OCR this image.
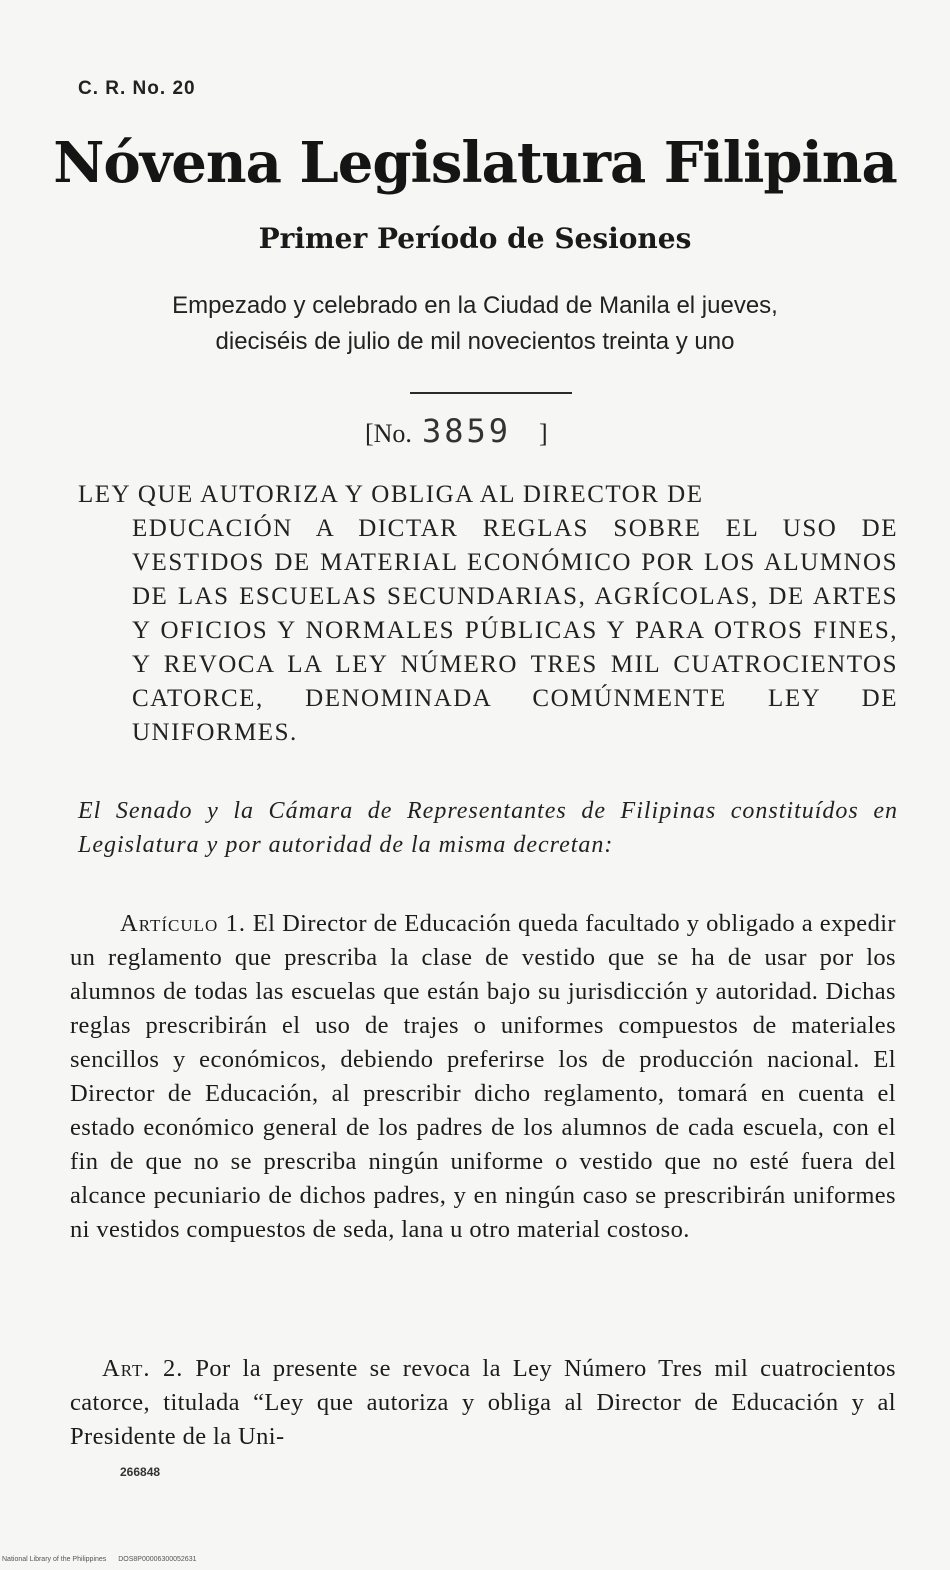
C. R. No. 20
Nóvena Legislatura Filipina
Primer Período de Sesiones
Empezado y celebrado en la Ciudad de Manila el jueves,
dieciséis de julio de mil novecientos treinta y uno
[No. 3859 ]
LEY QUE AUTORIZA Y OBLIGA AL DIRECTOR DE
EDUCACIÓN A DICTAR REGLAS SOBRE EL USO DE VESTIDOS DE MATERIAL ECONÓMICO POR LOS ALUMNOS DE LAS ESCUELAS SECUNDARIAS, AGRÍCOLAS, DE ARTES Y OFICIOS Y NORMALES PÚBLICAS Y PARA OTROS FINES, Y REVOCA LA LEY NÚMERO TRES MIL CUATROCIENTOS CATORCE, DENOMINADA COMÚNMENTE LEY DE UNIFORMES.
El Senado y la Cámara de Representantes de Filipinas constituídos en Legislatura y por autoridad de la misma decretan:
Artículo 1. El Director de Educación queda facultado y obligado a expedir un reglamento que prescriba la clase de vestido que se ha de usar por los alumnos de todas las escuelas que están bajo su jurisdicción y autoridad. Dichas reglas prescribirán el uso de trajes o uniformes compuestos de materiales sencillos y económicos, debiendo preferirse los de producción nacional. El Director de Educación, al prescribir dicho reglamento, tomará en cuenta el estado económico general de los padres de los alumnos de cada escuela, con el fin de que no se prescriba ningún uniforme o vestido que no esté fuera del alcance pecuniario de dichos padres, y en ningún caso se prescribirán uniformes ni vestidos compuestos de seda, lana u otro material costoso.
Art. 2. Por la presente se revoca la Ley Número Tres mil cuatrocientos catorce, titulada “Ley que autoriza y obliga al Director de Educación y al Presidente de la Uni-
266848
National Library of the Philippines DOS8P00006300052631
